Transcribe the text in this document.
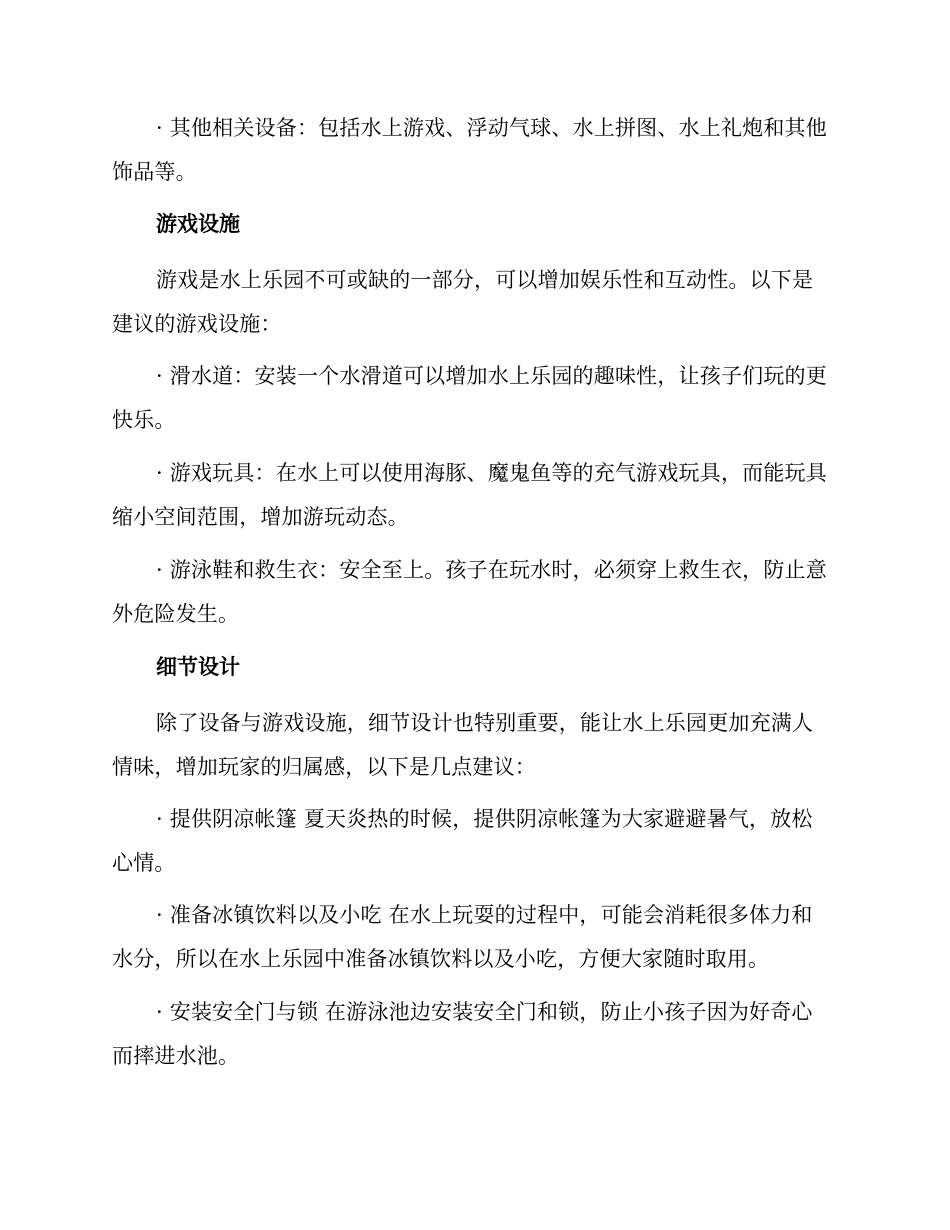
· 其他相关设备：包括水上游戏、浮动气球、水上拼图、水上礼炮和其他饰品等。

游戏设施

游戏是水上乐园不可或缺的一部分，可以增加娱乐性和互动性。以下是建议的游戏设施：

· 滑水道：安装一个水滑道可以增加水上乐园的趣味性，让孩子们玩的更快乐。

· 游戏玩具：在水上可以使用海豚、魔鬼鱼等的充气游戏玩具，而能玩具缩小空间范围，增加游玩动态。

· 游泳鞋和救生衣：安全至上。孩子在玩水时，必须穿上救生衣，防止意外危险发生。

细节设计

除了设备与游戏设施，细节设计也特别重要，能让水上乐园更加充满人情味，增加玩家的归属感，以下是几点建议：

· 提供阴凉帐篷 夏天炎热的时候，提供阴凉帐篷为大家避避暑气，放松心情。

· 准备冰镇饮料以及小吃 在水上玩耍的过程中，可能会消耗很多体力和水分，所以在水上乐园中准备冰镇饮料以及小吃，方便大家随时取用。

· 安装安全门与锁 在游泳池边安装安全门和锁，防止小孩子因为好奇心而摔进水池。
